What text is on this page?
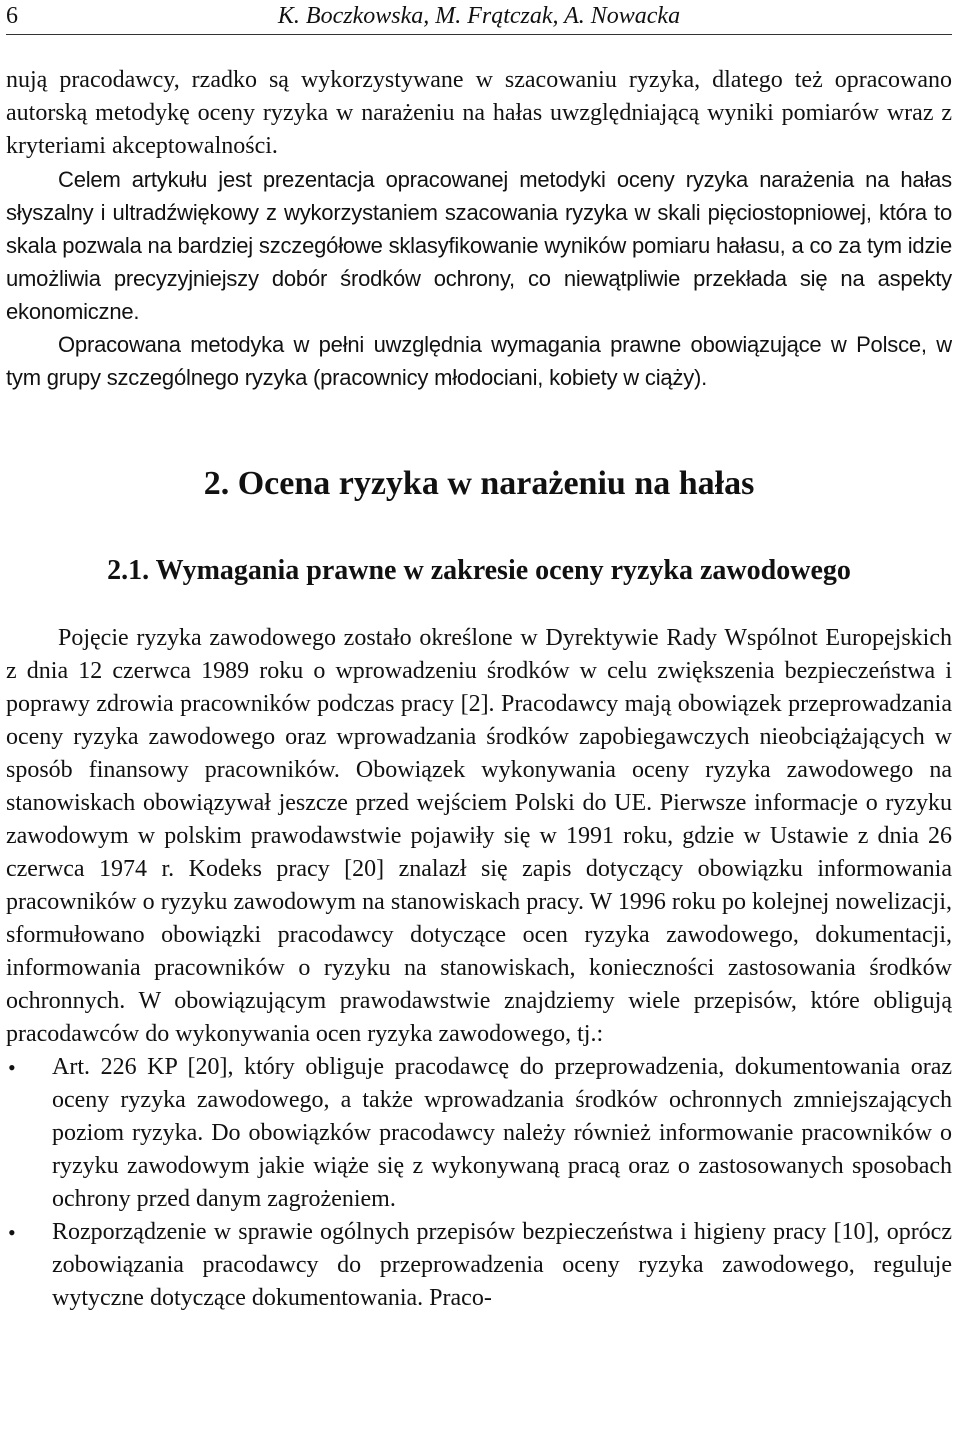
6	K. Boczkowska, M. Frątczak, A. Nowacka

nują pracodawcy, rzadko są wykorzystywane w szacowaniu ryzyka, dlatego też opracowano autorską metodykę oceny ryzyka w narażeniu na hałas uwzględniającą wyniki pomiarów wraz z kryteriami akceptowalności.

Celem artykułu jest prezentacja opracowanej metodyki oceny ryzyka narażenia na hałas słyszalny i ultradźwiękowy z wykorzystaniem szacowania ryzyka w skali pięciostopniowej, która to skala pozwala na bardziej szczegółowe sklasyfikowanie wyników pomiaru hałasu, a co za tym idzie umożliwia precyzyjniejszy dobór środków ochrony, co niewątpliwie przekłada się na aspekty ekonomiczne.

Opracowana metodyka w pełni uwzględnia wymagania prawne obowiązujące w Polsce, w tym grupy szczególnego ryzyka (pracownicy młodociani, kobiety w ciąży).

2. Ocena ryzyka w narażeniu na hałas
2.1. Wymagania prawne w zakresie oceny ryzyka zawodowego

Pojęcie ryzyka zawodowego zostało określone w Dyrektywie Rady Wspólnot Europejskich z dnia 12 czerwca 1989 roku o wprowadzeniu środków w celu zwiększenia bezpieczeństwa i poprawy zdrowia pracowników podczas pracy [2]. Pracodawcy mają obowiązek przeprowadzania oceny ryzyka zawodowego oraz wprowadzania środków zapobiegawczych nieobciążających w sposób finansowy pracowników. Obowiązek wykonywania oceny ryzyka zawodowego na stanowiskach obowiązywał jeszcze przed wejściem Polski do UE. Pierwsze informacje o ryzyku zawodowym w polskim prawodawstwie pojawiły się w 1991 roku, gdzie w Ustawie z dnia 26 czerwca 1974 r. Kodeks pracy [20] znalazł się zapis dotyczący obowiązku informowania pracowników o ryzyku zawodowym na stanowiskach pracy. W 1996 roku po kolejnej nowelizacji, sformułowano obowiązki pracodawcy dotyczące ocen ryzyka zawodowego, dokumentacji, informowania pracowników o ryzyku na stanowiskach, konieczności zastosowania środków ochronnych. W obowiązującym prawodawstwie znajdziemy wiele przepisów, które obligują pracodawców do wykonywania ocen ryzyka zawodowego, tj.:

• Art. 226 KP [20], który obliguje pracodawcę do przeprowadzenia, dokumentowania oraz oceny ryzyka zawodowego, a także wprowadzania środków ochronnych zmniejszających poziom ryzyka. Do obowiązków pracodawcy należy również informowanie pracowników o ryzyku zawodowym jakie wiąże się z wykonywaną pracą oraz o zastosowanych sposobach ochrony przed danym zagrożeniem.
• Rozporządzenie w sprawie ogólnych przepisów bezpieczeństwa i higieny pracy [10], oprócz zobowiązania pracodawcy do przeprowadzenia oceny ryzyka zawodowego, reguluje wytyczne dotyczące dokumentowania. Praco-
